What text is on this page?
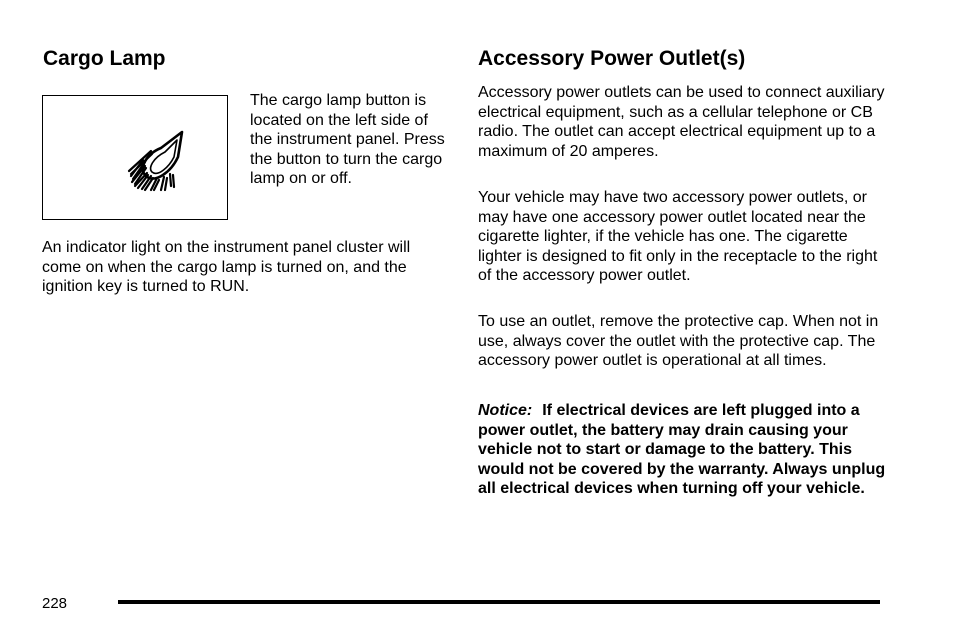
Cargo Lamp

The cargo lamp button is located on the left side of the instrument panel. Press the button to turn the cargo lamp on or off.

An indicator light on the instrument panel cluster will come on when the cargo lamp is turned on, and the ignition key is turned to RUN.

Accessory Power Outlet(s)

Accessory power outlets can be used to connect auxiliary electrical equipment, such as a cellular telephone or CB radio. The outlet can accept electrical equipment up to a maximum of 20 amperes.

Your vehicle may have two accessory power outlets, or may have one accessory power outlet located near the cigarette lighter, if the vehicle has one. The cigarette lighter is designed to fit only in the receptacle to the right of the accessory power outlet.

To use an outlet, remove the protective cap. When not in use, always cover the outlet with the protective cap. The accessory power outlet is operational at all times.

Notice: If electrical devices are left plugged into a power outlet, the battery may drain causing your vehicle not to start or damage to the battery. This would not be covered by the warranty. Always unplug all electrical devices when turning off your vehicle.

228
